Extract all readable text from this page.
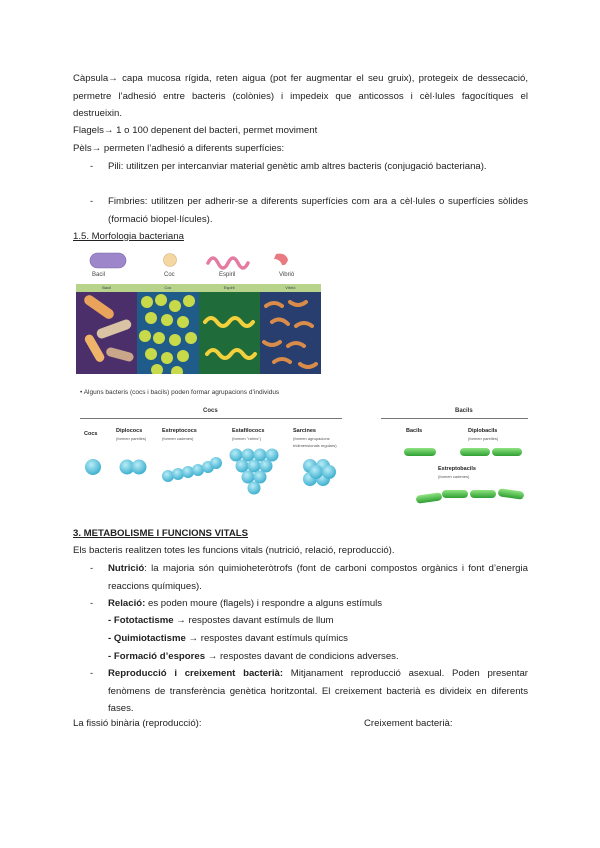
Càpsula→ capa mucosa rígida, reten aigua (pot fer augmentar el seu gruix), protegeix de dessecació, permetre l’adhesió entre bacteris (colònies) i impedeix que anticossos i cèl·lules fagocítiques el destrueixin.
Flagels→ 1 o 100 depenent del bacteri, permet moviment
Pèls→ permeten l’adhesió a diferents superfícies:
- Pili: utilitzen per intercanviar material genètic amb altres bacteris (conjugació bacteriana).
- Fimbries: utilitzen per adherir-se a diferents superfícies com ara a cèl·lules o superfícies sòlides (formació biopel·lícules).
1.5. Morfologia bacteriana
Bacil	Coc	Espiril	Vibrió
Bacil	Coc	Espiril	Vibrió
• Alguns bacteris (cocs i bacils) poden formar agrupacions d’individus
Cocs	Bacils
Cocs	Diplococs
(formen parelles)
Estreptococs
(formen cadenes)
Estafilococs
(formen "raïms")
Sarcines
(formen agrupacions tridimensionals regulars)
Bacils	Diplobacils
(formen parelles)
Estreptobacils
(formen cadenes)
3. METABOLISME I FUNCIONS VITALS
Els bacteris realitzen totes les funcions vitals (nutrició, relació, reproducció).
- Nutrició: la majoria són quimioheteròtrofs (font de carboni compostos orgànics i font d’energia reaccions químiques).
- Relació: es poden moure (flagels) i respondre a alguns estímuls
- Fototactisme → respostes davant estímuls de llum
- Quimiotactisme → respostes davant estímuls químics
- Formació d’espores → respostes davant de condicions adverses.
- Reproducció i creixement bacterià: Mitjanament reproducció asexual. Poden presentar fenòmens de transferència genètica horitzontal. El creixement bacterià es divideix en diferents fases.
La fissió binària (reproducció):	Creixement bacterià:
